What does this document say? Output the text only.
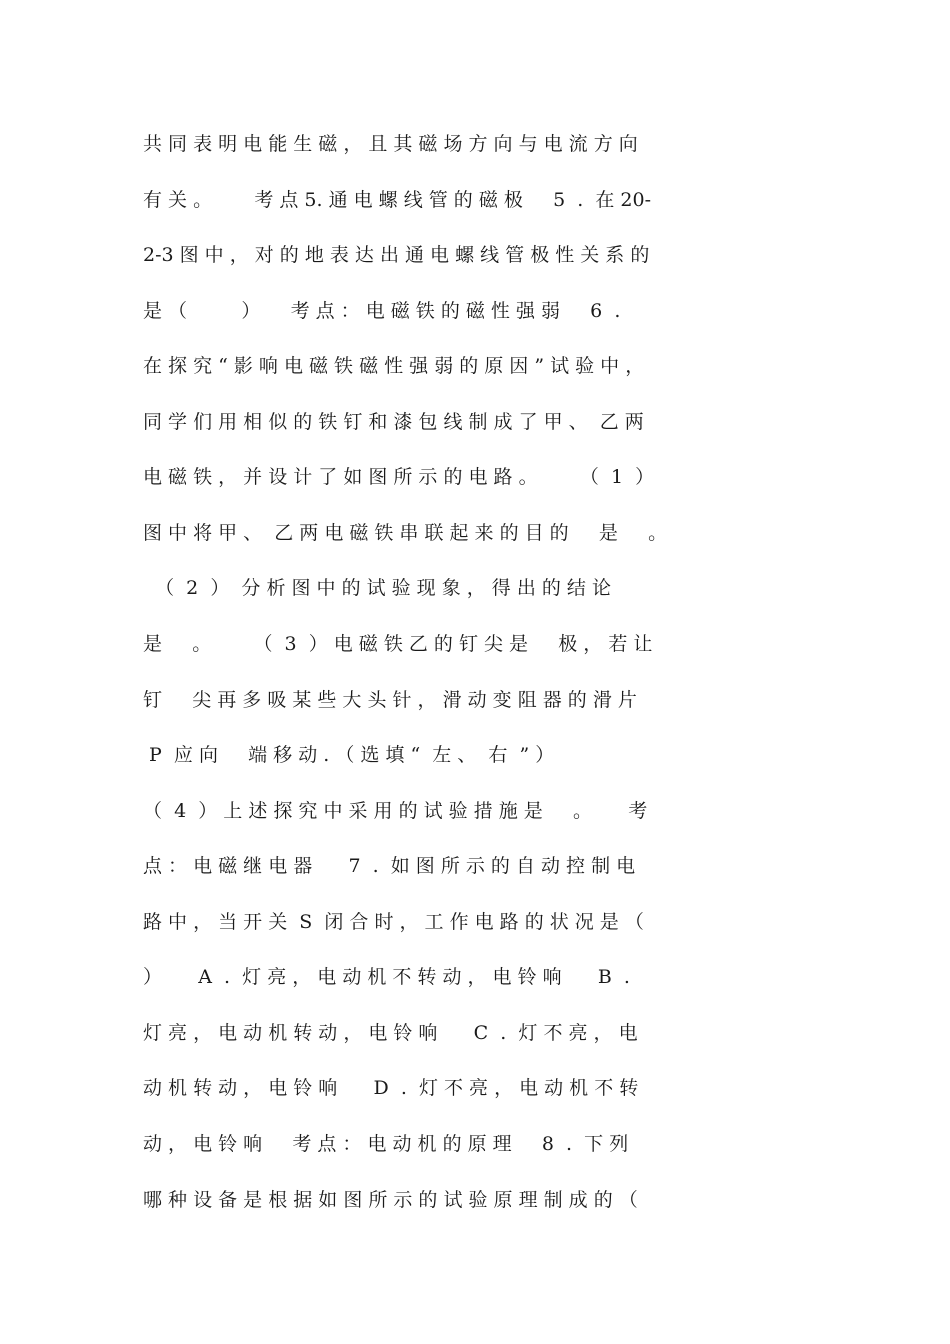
共 同 表 明 电 能 生 磁 ， 且 其 磁 场 方 向 与 电 流 方 向
有 关 。       考 点 5. 通 电 螺 线 管 的 磁 极     5  .  在 20-
2-3 图 中 ， 对 的 地 表 达 出 通 电 螺 线 管 极 性 关 系 的
是 （         ）     考 点 ： 电 磁 铁 的 磁 性 强 弱     6  .
在 探 究 “ 影 响 电 磁 铁 磁 性 强 弱 的 原 因 ” 试 验 中 ，
同 学 们 用 相 似 的 铁 钉 和 漆 包 线 制 成 了 甲 、  乙 两
电 磁 铁 ， 并 设 计 了 如 图 所 示 的 电 路 。       （  1  ）
图 中 将 甲 、  乙 两 电 磁 铁 串 联 起 来 的 目 的     是     。
（  2  ）  分 析 图 中 的 试 验 现 象 ， 得 出 的 结 论
是     。       （  3  ） 电 磁 铁 乙 的 钉 尖 是     极 ， 若 让
钉     尖 再 多 吸 某 些 大 头 针 ， 滑 动 变 阻 器 的 滑 片
P  应 向     端 移 动 . （ 选 填 “  左 、  右  ” ）
（  4  ） 上 述 探 究 中 采 用 的 试 验 措 施 是     。      考
点 ： 电 磁 继 电 器      7  .  如 图 所 示 的 自 动 控 制 电
路 中 ， 当 开 关  S  闭 合 时 ， 工 作 电 路 的 状 况 是 （
）      A  .  灯 亮 ， 电 动 机 不 转 动 ， 电 铃 响      B  .
灯 亮 ， 电 动 机 转 动 ， 电 铃 响      C  .  灯 不 亮 ， 电
动 机 转 动 ， 电 铃 响      D  .  灯 不 亮 ， 电 动 机 不 转
动 ， 电 铃 响     考 点 ： 电 动 机 的 原 理     8  .  下 列
哪 种 设 备 是 根 据 如 图 所 示 的 试 验 原 理 制 成 的 （
